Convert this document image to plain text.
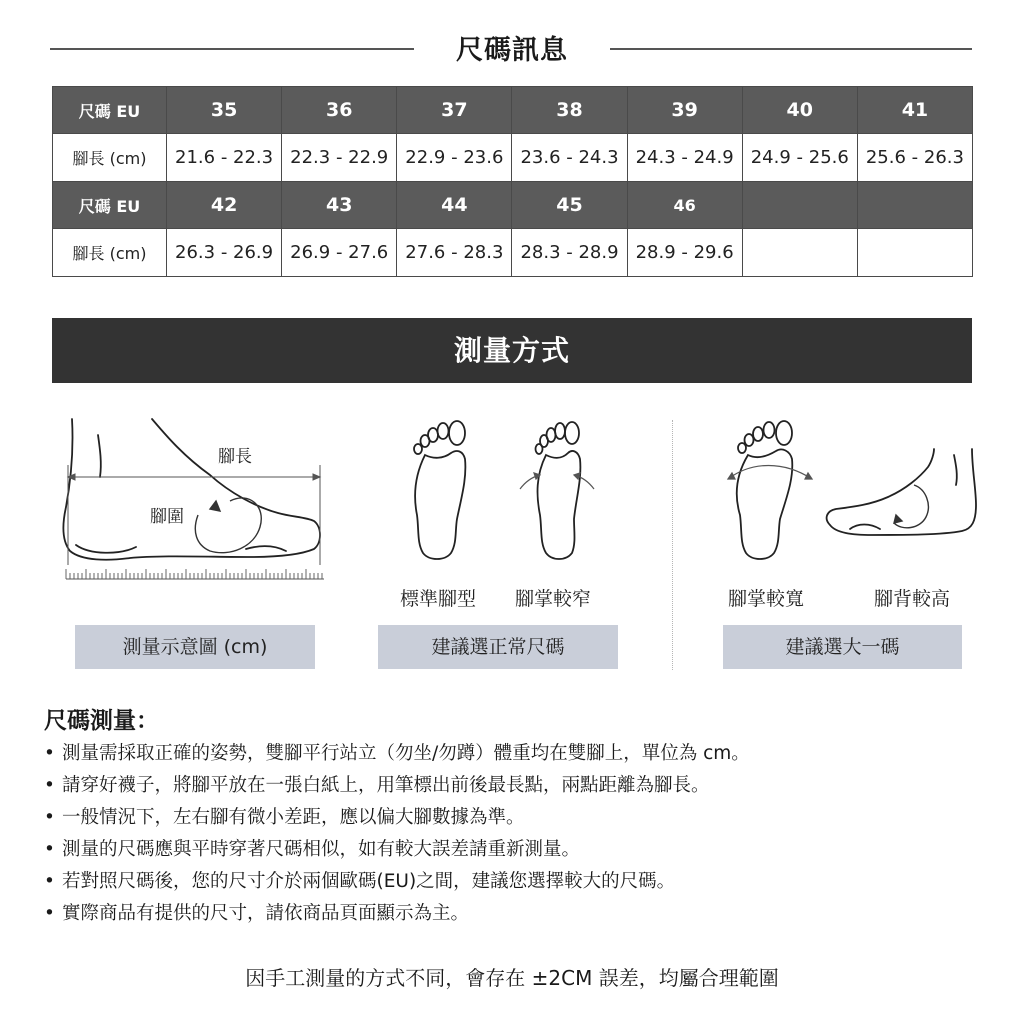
尺碼訊息
尺碼 EU	35	36	37	38	39	40	41
腳長 (cm)	21.6 - 22.3	22.3 - 22.9	22.9 - 23.6	23.6 - 24.3	24.3 - 24.9	24.9 - 25.6	25.6 - 26.3
尺碼 EU	42	43	44	45	46		
腳長 (cm)	26.3 - 26.9	26.9 - 27.6	27.6 - 28.3	28.3 - 28.9	28.9 - 29.6		
測量方式
腳長
腳圍
測量示意圖 (cm)
標準腳型 腳掌較窄
建議選正常尺碼
腳掌較寬	腳背較高
建議選大一碼
尺碼測量：
• 測量需採取正確的姿勢，雙腳平行站立（勿坐/勿蹲）體重均在雙腳上，單位為 cm。
• 請穿好襪子，將腳平放在一張白紙上，用筆標出前後最長點，兩點距離為腳長。
• 一般情況下，左右腳有微小差距，應以偏大腳數據為準。
• 測量的尺碼應與平時穿著尺碼相似，如有較大誤差請重新測量。
• 若對照尺碼後，您的尺寸介於兩個歐碼(EU)之間，建議您選擇較大的尺碼。
• 實際商品有提供的尺寸，請依商品頁面顯示為主。
因手工測量的方式不同，會存在 ±2CM 誤差，均屬合理範圍
